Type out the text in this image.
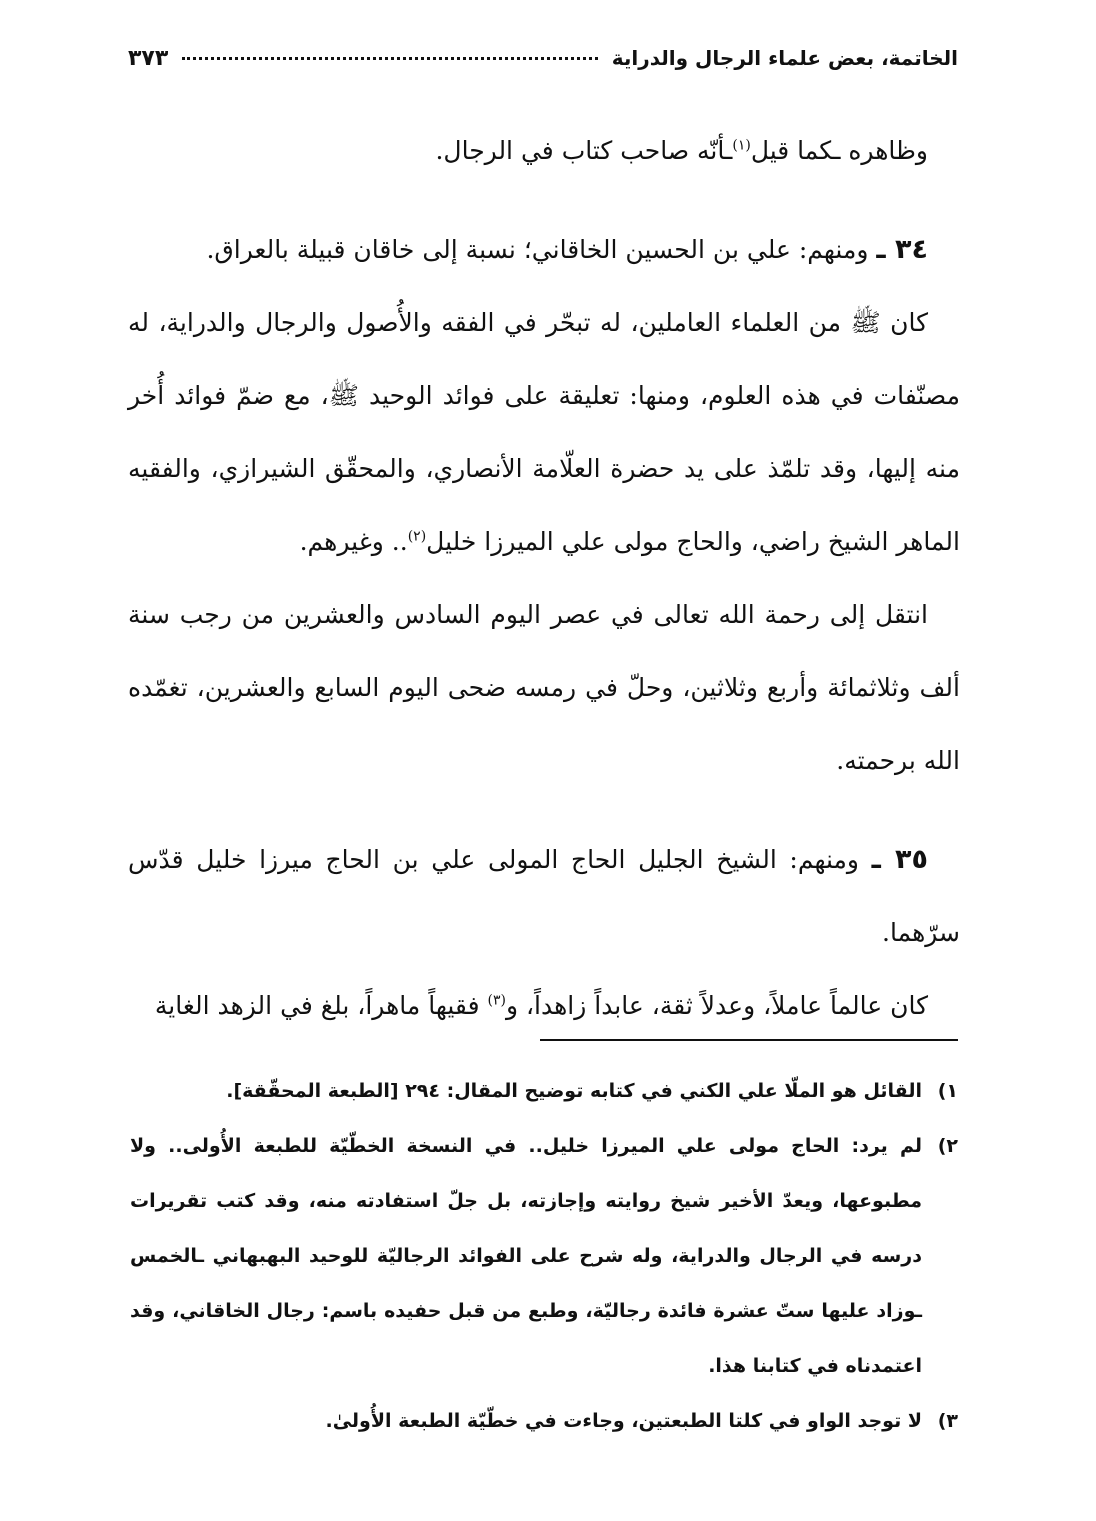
الخاتمة، بعض علماء الرجال والدراية
٣٧٣

وظاهره ـكما قيل$^{(١)}$ـأنّه صاحب كتاب في الرجال.

٣٤ ـ ومنهم: علي بن الحسين الخاقاني؛ نسبة إلى خاقان قبيلة بالعراق.

كان ﷺ من العلماء العاملين، له تبحّر في الفقه والأُصول والرجال والدراية، له مصنّفات في هذه العلوم، ومنها: تعليقة على فوائد الوحيد ﷺ، مع ضمّ فوائد أُخر منه إليها، وقد تلمّذ على يد حضرة العلّامة الأنصاري، والمحقّق الشيرازي، والفقيه الماهر الشيخ راضي، والحاج مولى علي الميرزا خليل$^{(٢)}$.. وغيرهم.

انتقل إلى رحمة الله تعالى في عصر اليوم السادس والعشرين من رجب سنة ألف وثلاثمائة وأربع وثلاثين، وحلّ في رمسه ضحى اليوم السابع والعشرين، تغمّده الله برحمته.

٣٥ ـ ومنهم: الشيخ الجليل الحاج المولى علي بن الحاج ميرزا خليل قدّس سرّهما.

كان عالماً عاملاً، وعدلاً ثقة، عابداً زاهداً، و$^{(٣)}$ فقيهاً ماهراً، بلغ في الزهد الغاية

١)
القائل هو الملّا علي الكني في كتابه توضيح المقال: ٢٩٤ [الطبعة المحقّقة].
٢)
لم يرد: الحاج مولى علي الميرزا خليل.. في النسخة الخطّيّة للطبعة الأُولى.. ولا مطبوعها، ويعدّ الأخير شيخ روايته وإجازته، بل جلّ استفادته منه، وقد كتب تقريرات درسه في الرجال والدراية، وله شرح على الفوائد الرجاليّة للوحيد البهبهاني ـالخمس ـوزاد عليها ستّ عشرة فائدة رجاليّة، وطبع من قبل حفيده باسم: رجال الخاقاني، وقد اعتمدناه في كتابنا هذا.
٣)
لا توجد الواو في كلتا الطبعتين، وجاءت في خطّيّة الطبعة الأُولىٰ.
